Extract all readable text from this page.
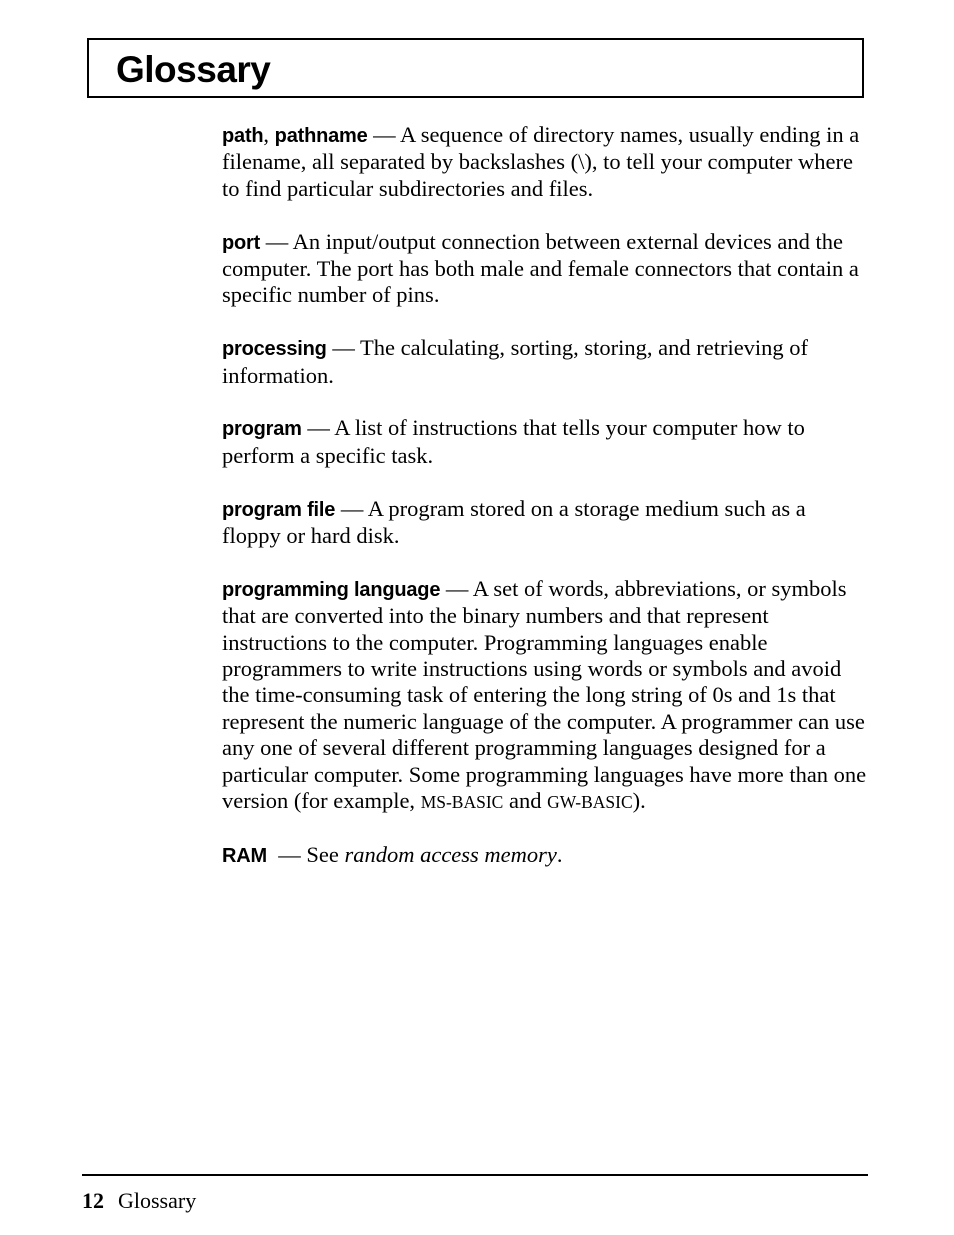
Glossary

path, pathname — A sequence of directory names, usually ending in a filename, all separated by backslashes (\), to tell your computer where to find particular subdirectories and files.

port — An input/output connection between external devices and the computer. The port has both male and female connectors that contain a specific number of pins.

processing — The calculating, sorting, storing, and retrieving of information.

program — A list of instructions that tells your computer how to perform a specific task.

program file — A program stored on a storage medium such as a floppy or hard disk.

programming language — A set of words, abbreviations, or symbols that are converted into the binary numbers and that represent instructions to the computer. Programming languages enable programmers to write instructions using words or symbols and avoid the time-consuming task of entering the long string of 0s and 1s that represent the numeric language of the computer. A programmer can use any one of several different programming languages designed for a particular computer. Some programming languages have more than one version (for example, MS-BASIC and GW-BASIC).

RAM  — See random access memory.

12 Glossary
